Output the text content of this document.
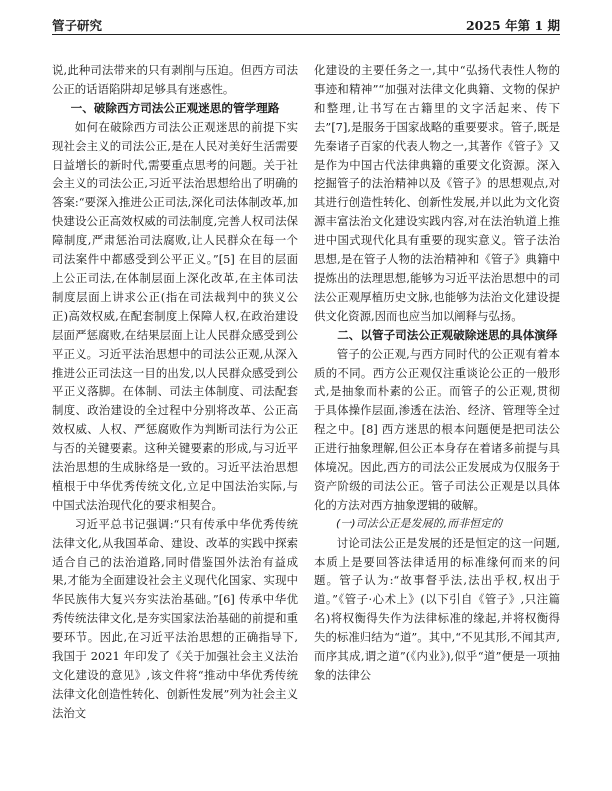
管子研究	2025 年第 1 期

说,此种司法带来的只有剥削与压迫。但西方司法公正的话语陷阱却足够具有迷惑性。

一、破除西方司法公正观迷思的管学理路

如何在破除西方司法公正观迷思的前提下实现社会主义的司法公正,是在人民对美好生活需要日益增长的新时代,需要重点思考的问题。关于社会主义的司法公正,习近平法治思想给出了明确的答案:“要深入推进公正司法,深化司法体制改革,加快建设公正高效权威的司法制度,完善人权司法保障制度,严肃惩治司法腐败,让人民群众在每一个司法案件中都感受到公平正义。”[5] 在目的层面上公正司法,在体制层面上深化改革,在主体司法制度层面上讲求公正(指在司法裁判中的狭义公正)高效权威,在配套制度上保障人权,在政治建设层面严惩腐败,在结果层面上让人民群众感受到公平正义。习近平法治思想中的司法公正观,从深入推进公正司法这一目的出发,以人民群众感受到公平正义落脚。在体制、司法主体制度、司法配套制度、政治建设的全过程中分别将改革、公正高效权威、人权、严惩腐败作为判断司法行为公正与否的关键要素。这种关键要素的形成,与习近平法治思想的生成脉络是一致的。习近平法治思想植根于中华优秀传统文化,立足中国法治实际,与中国式法治现代化的要求相契合。

习近平总书记强调:“只有传承中华优秀传统法律文化,从我国革命、建设、改革的实践中探索适合自己的法治道路,同时借鉴国外法治有益成果,才能为全面建设社会主义现代化国家、实现中华民族伟大复兴夯实法治基础。”[6] 传承中华优秀传统法律文化,是夯实国家法治基础的前提和重要环节。因此,在习近平法治思想的正确指导下,我国于 2021 年印发了《关于加强社会主义法治文化建设的意见》,该文件将“推动中华优秀传统法律文化创造性转化、创新性发展”列为社会主义法治文

化建设的主要任务之一,其中“弘扬代表性人物的事迹和精神”“加强对法律文化典籍、文物的保护和整理,让书写在古籍里的文字活起来、传下去”[7],是服务于国家战略的重要要求。管子,既是先秦诸子百家的代表人物之一,其著作《管子》又是作为中国古代法律典籍的重要文化资源。深入挖掘管子的法治精神以及《管子》的思想观点,对其进行创造性转化、创新性发展,并以此为文化资源丰富法治文化建设实践内容,对在法治轨道上推进中国式现代化具有重要的现实意义。管子法治思想,是在管子人物的法治精神和《管子》典籍中提炼出的法理思想,能够为习近平法治思想中的司法公正观厚植历史文脉,也能够为法治文化建设提供文化资源,因而也应当加以阐释与弘扬。

二、以管子司法公正观破除迷思的具体演绎

管子的公正观,与西方同时代的公正观有着本质的不同。西方公正观仅注重谈论公正的一般形式,是抽象而朴素的公正。而管子的公正观,贯彻于具体操作层面,渗透在法治、经济、管理等全过程之中。[8] 西方迷思的根本问题便是把司法公正进行抽象理解,但公正本身存在着诸多前提与具体境况。因此,西方的司法公正发展成为仅服务于资产阶级的司法公正。管子司法公正观是以具体化的方法对西方抽象逻辑的破解。

(一)司法公正是发展的,而非恒定的

讨论司法公正是发展的还是恒定的这一问题,本质上是要回答法律适用的标准缘何而来的问题。管子认为:“故事督乎法,法出乎权,权出于道。”《管子·心术上》(以下引自《管子》,只注篇名)将权衡得失作为法律标准的缘起,并将权衡得失的标准归结为“道”。其中,“不见其形,不闻其声,而序其成,谓之道”(《内业》),似乎“道”便是一项抽象的法律公
